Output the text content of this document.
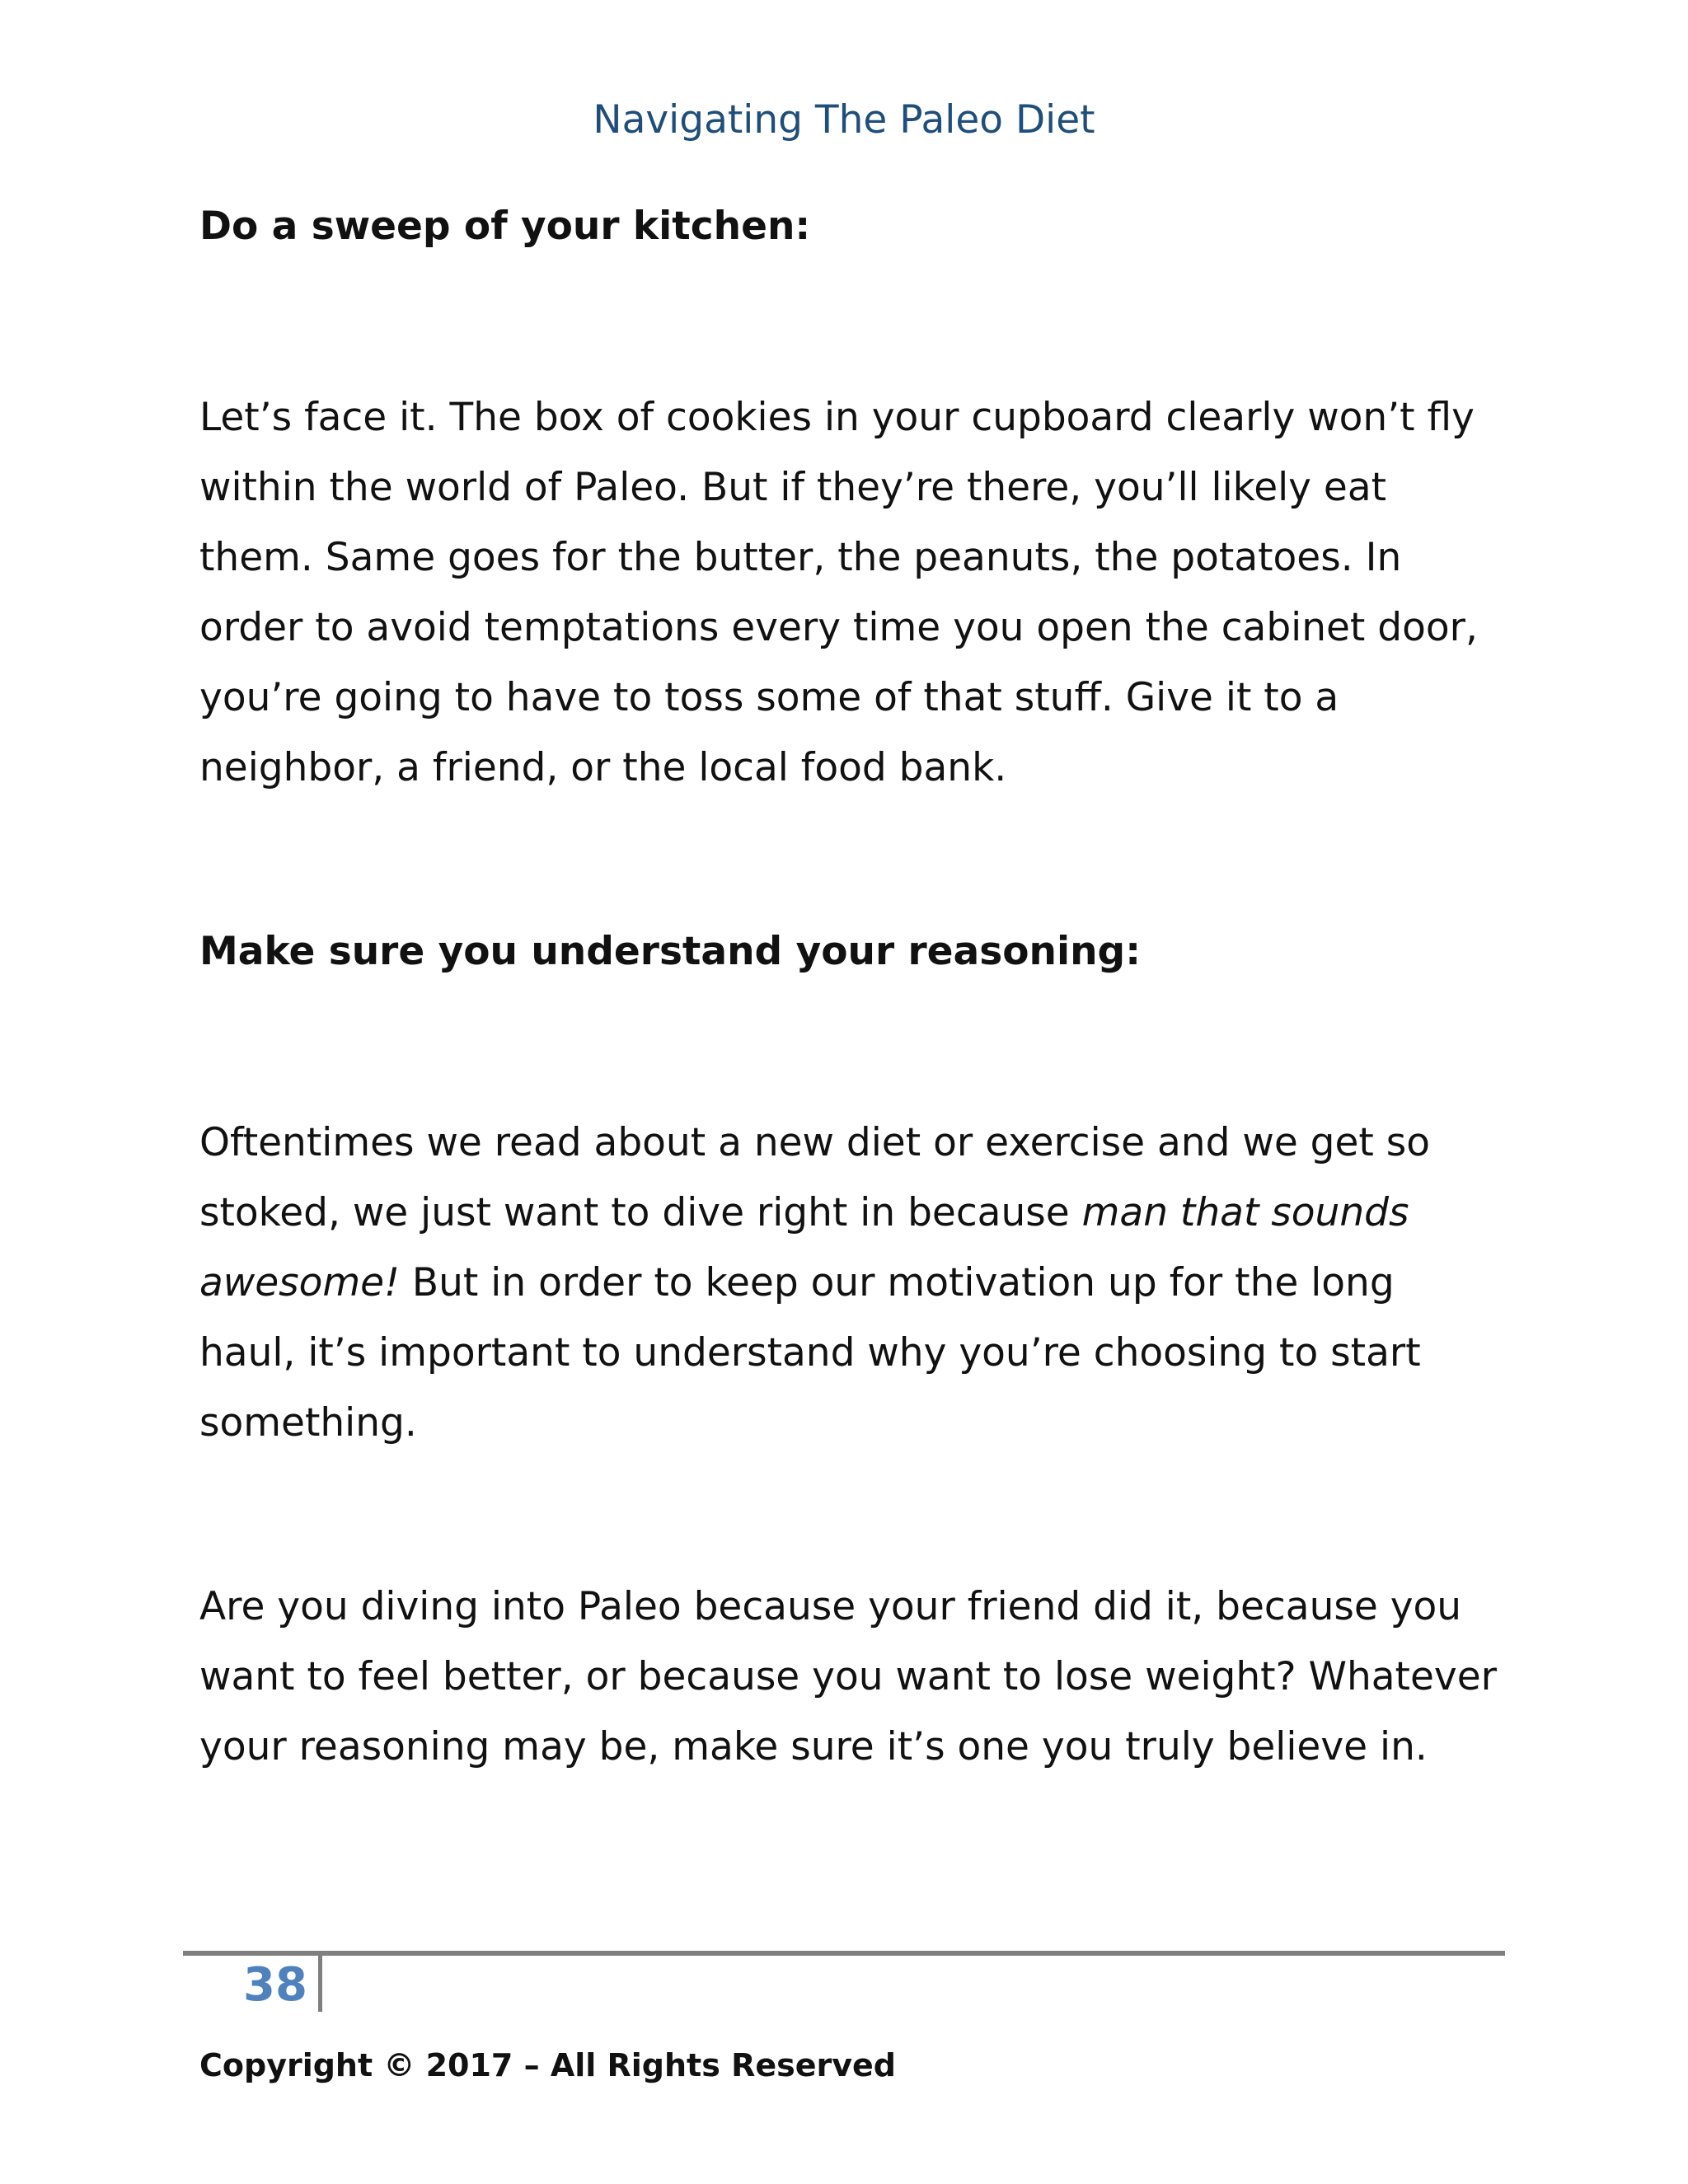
Navigating The Paleo Diet

Do a sweep of your kitchen:

Let’s face it. The box of cookies in your cupboard clearly won’t fly within the world of Paleo. But if they’re there, you’ll likely eat them. Same goes for the butter, the peanuts, the potatoes. In order to avoid temptations every time you open the cabinet door, you’re going to have to toss some of that stuff. Give it to a neighbor, a friend, or the local food bank.

Make sure you understand your reasoning:

Oftentimes we read about a new diet or exercise and we get so stoked, we just want to dive right in because man that sounds awesome! But in order to keep our motivation up for the long haul, it’s important to understand why you’re choosing to start something.

Are you diving into Paleo because your friend did it, because you want to feel better, or because you want to lose weight? Whatever your reasoning may be, make sure it’s one you truly believe in.

38
Copyright © 2017 – All Rights Reserved
